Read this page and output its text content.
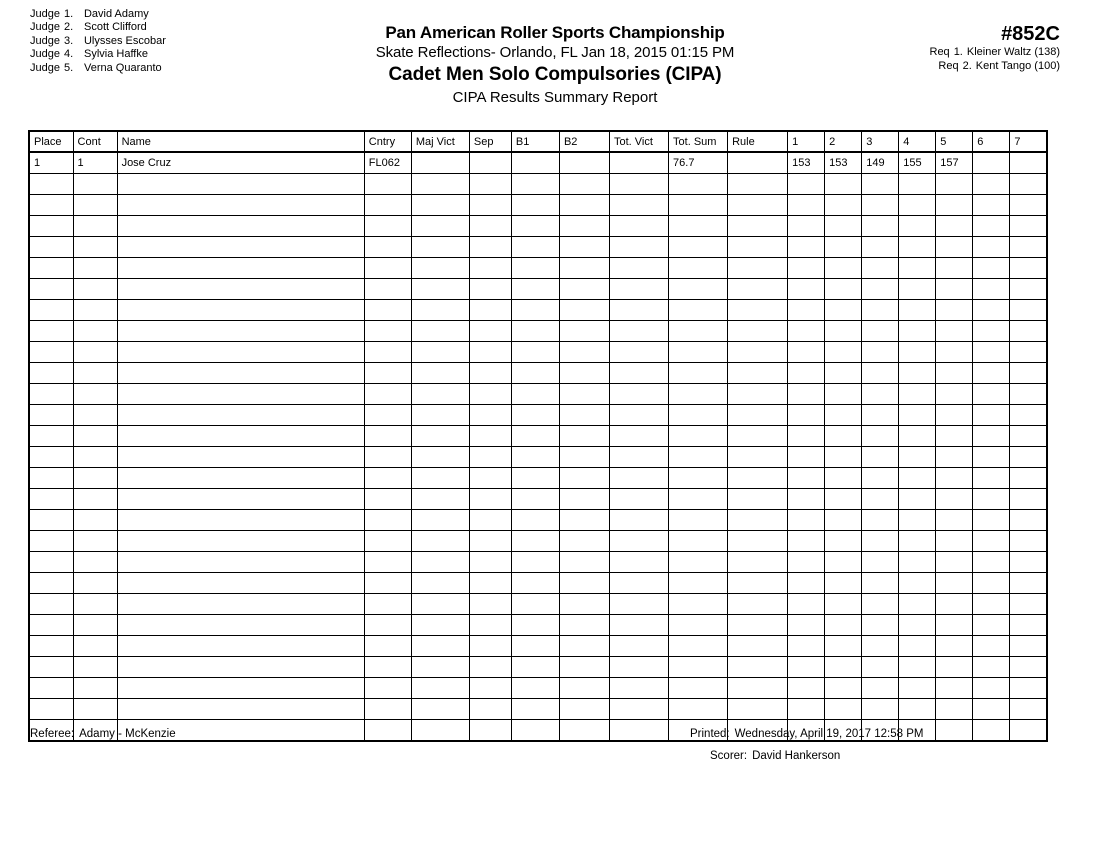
Judge 1. David Adamy
Judge 2. Scott Clifford
Judge 3. Ulysses Escobar
Judge 4. Sylvia Haffke
Judge 5. Verna Quaranto
Pan American Roller Sports Championship
Skate Reflections- Orlando, FL Jan 18, 2015 01:15 PM
Cadet Men Solo Compulsories (CIPA)
CIPA Results Summary Report
#852C
Req 1. Kleiner Waltz (138)
Req 2. Kent Tango (100)
Place	Cont	Name	Cntry	Maj Vict	Sep	B1	B2	Tot. Vict	Tot. Sum	Rule	1	2	3	4	5	6	7
1	1	Jose Cruz	FL062						76.7		153	153	149	155	157		

Referee: Adamy - McKenzie	Printed: Wednesday, April 19, 2017 12:58 PM
Scorer: David Hankerson
